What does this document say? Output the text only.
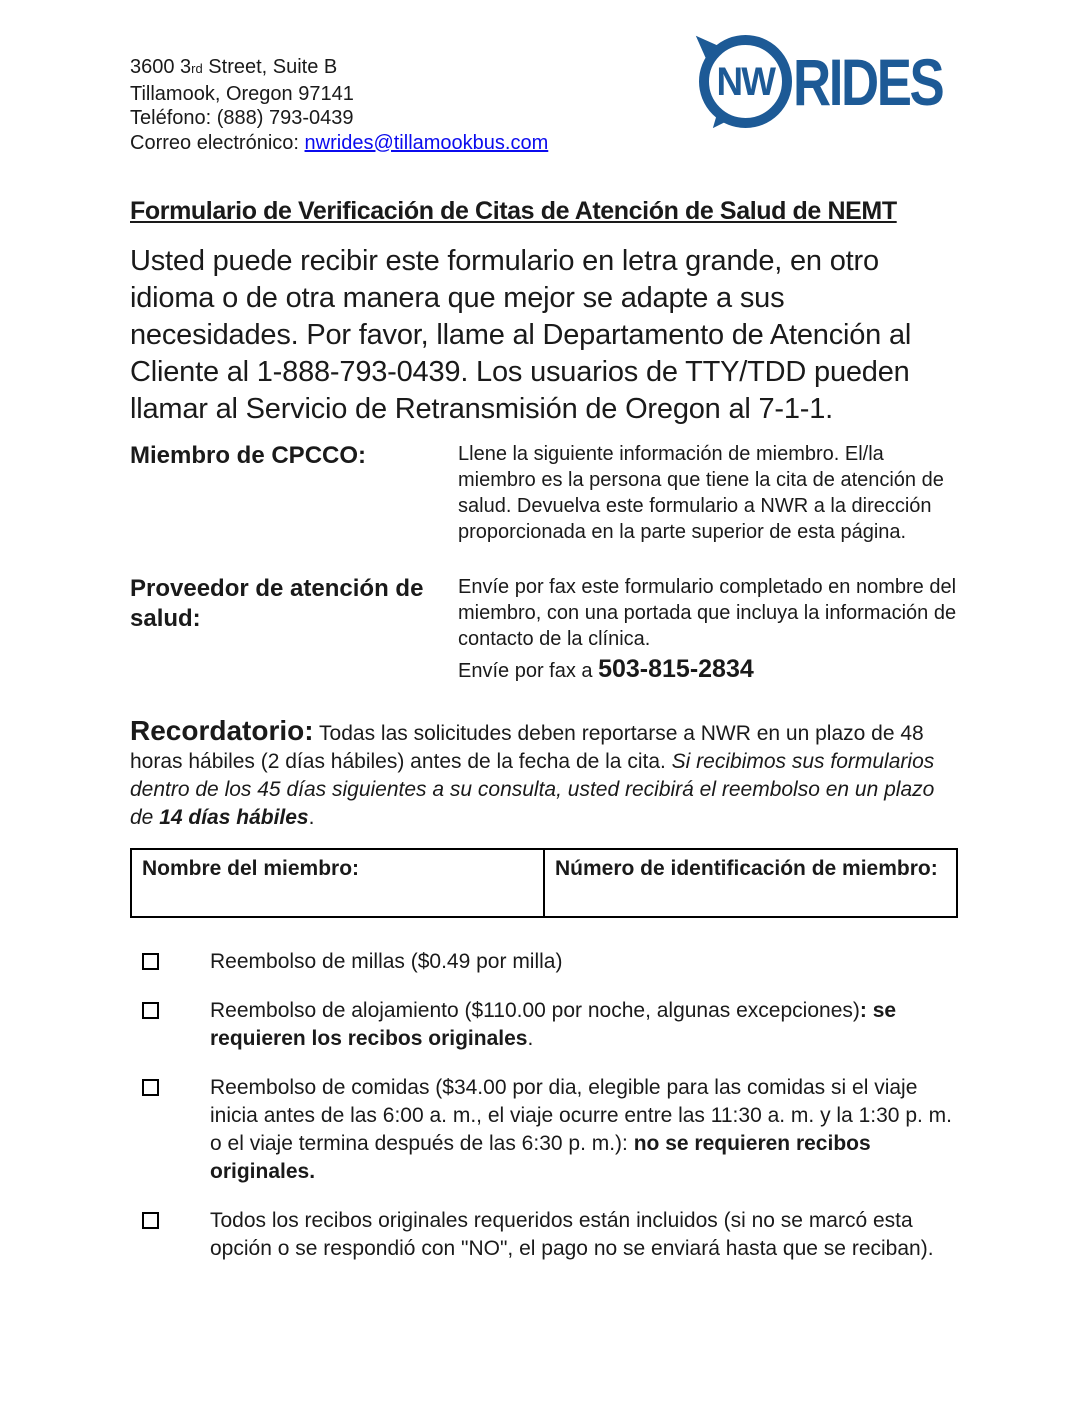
3600 3rd Street, Suite B
Tillamook, Oregon 97141
Teléfono: (888) 793-0439
Correo electrónico: nwrides@tillamookbus.com
NW RIDES
Formulario de Verificación de Citas de Atención de Salud de NEMT
Usted puede recibir este formulario en letra grande, en otro idioma o de otra manera que mejor se adapte a sus necesidades. Por favor, llame al Departamento de Atención al Cliente al 1-888-793-0439. Los usuarios de TTY/TDD pueden llamar al Servicio de Retransmisión de Oregon al 7-1-1.
Miembro de CPCCO:	Llene la siguiente información de miembro. El/la miembro es la persona que tiene la cita de atención de salud. Devuelva este formulario a NWR a la dirección proporcionada en la parte superior de esta página.
Proveedor de atención de salud:
Envíe por fax este formulario completado en nombre del miembro, con una portada que incluya la información de contacto de la clínica.
Envíe por fax a 503-815-2834
Recordatorio: Todas las solicitudes deben reportarse a NWR en un plazo de 48 horas hábiles (2 días hábiles) antes de la fecha de la cita. Si recibimos sus formularios dentro de los 45 días siguientes a su consulta, usted recibirá el reembolso en un plazo de 14 días hábiles.
Nombre del miembro:	Número de identificación de miembro:
Reembolso de millas ($0.49 por milla)
Reembolso de alojamiento ($110.00 por noche, algunas excepciones): se requieren los recibos originales.
Reembolso de comidas ($34.00 por dia, elegible para las comidas si el viaje inicia antes de las 6:00 a. m., el viaje ocurre entre las 11:30 a. m. y la 1:30 p. m. o el viaje termina después de las 6:30 p. m.): no se requieren recibos originales.
Todos los recibos originales requeridos están incluidos (si no se marcó esta opción o se respondió con "NO", el pago no se enviará hasta que se reciban).
